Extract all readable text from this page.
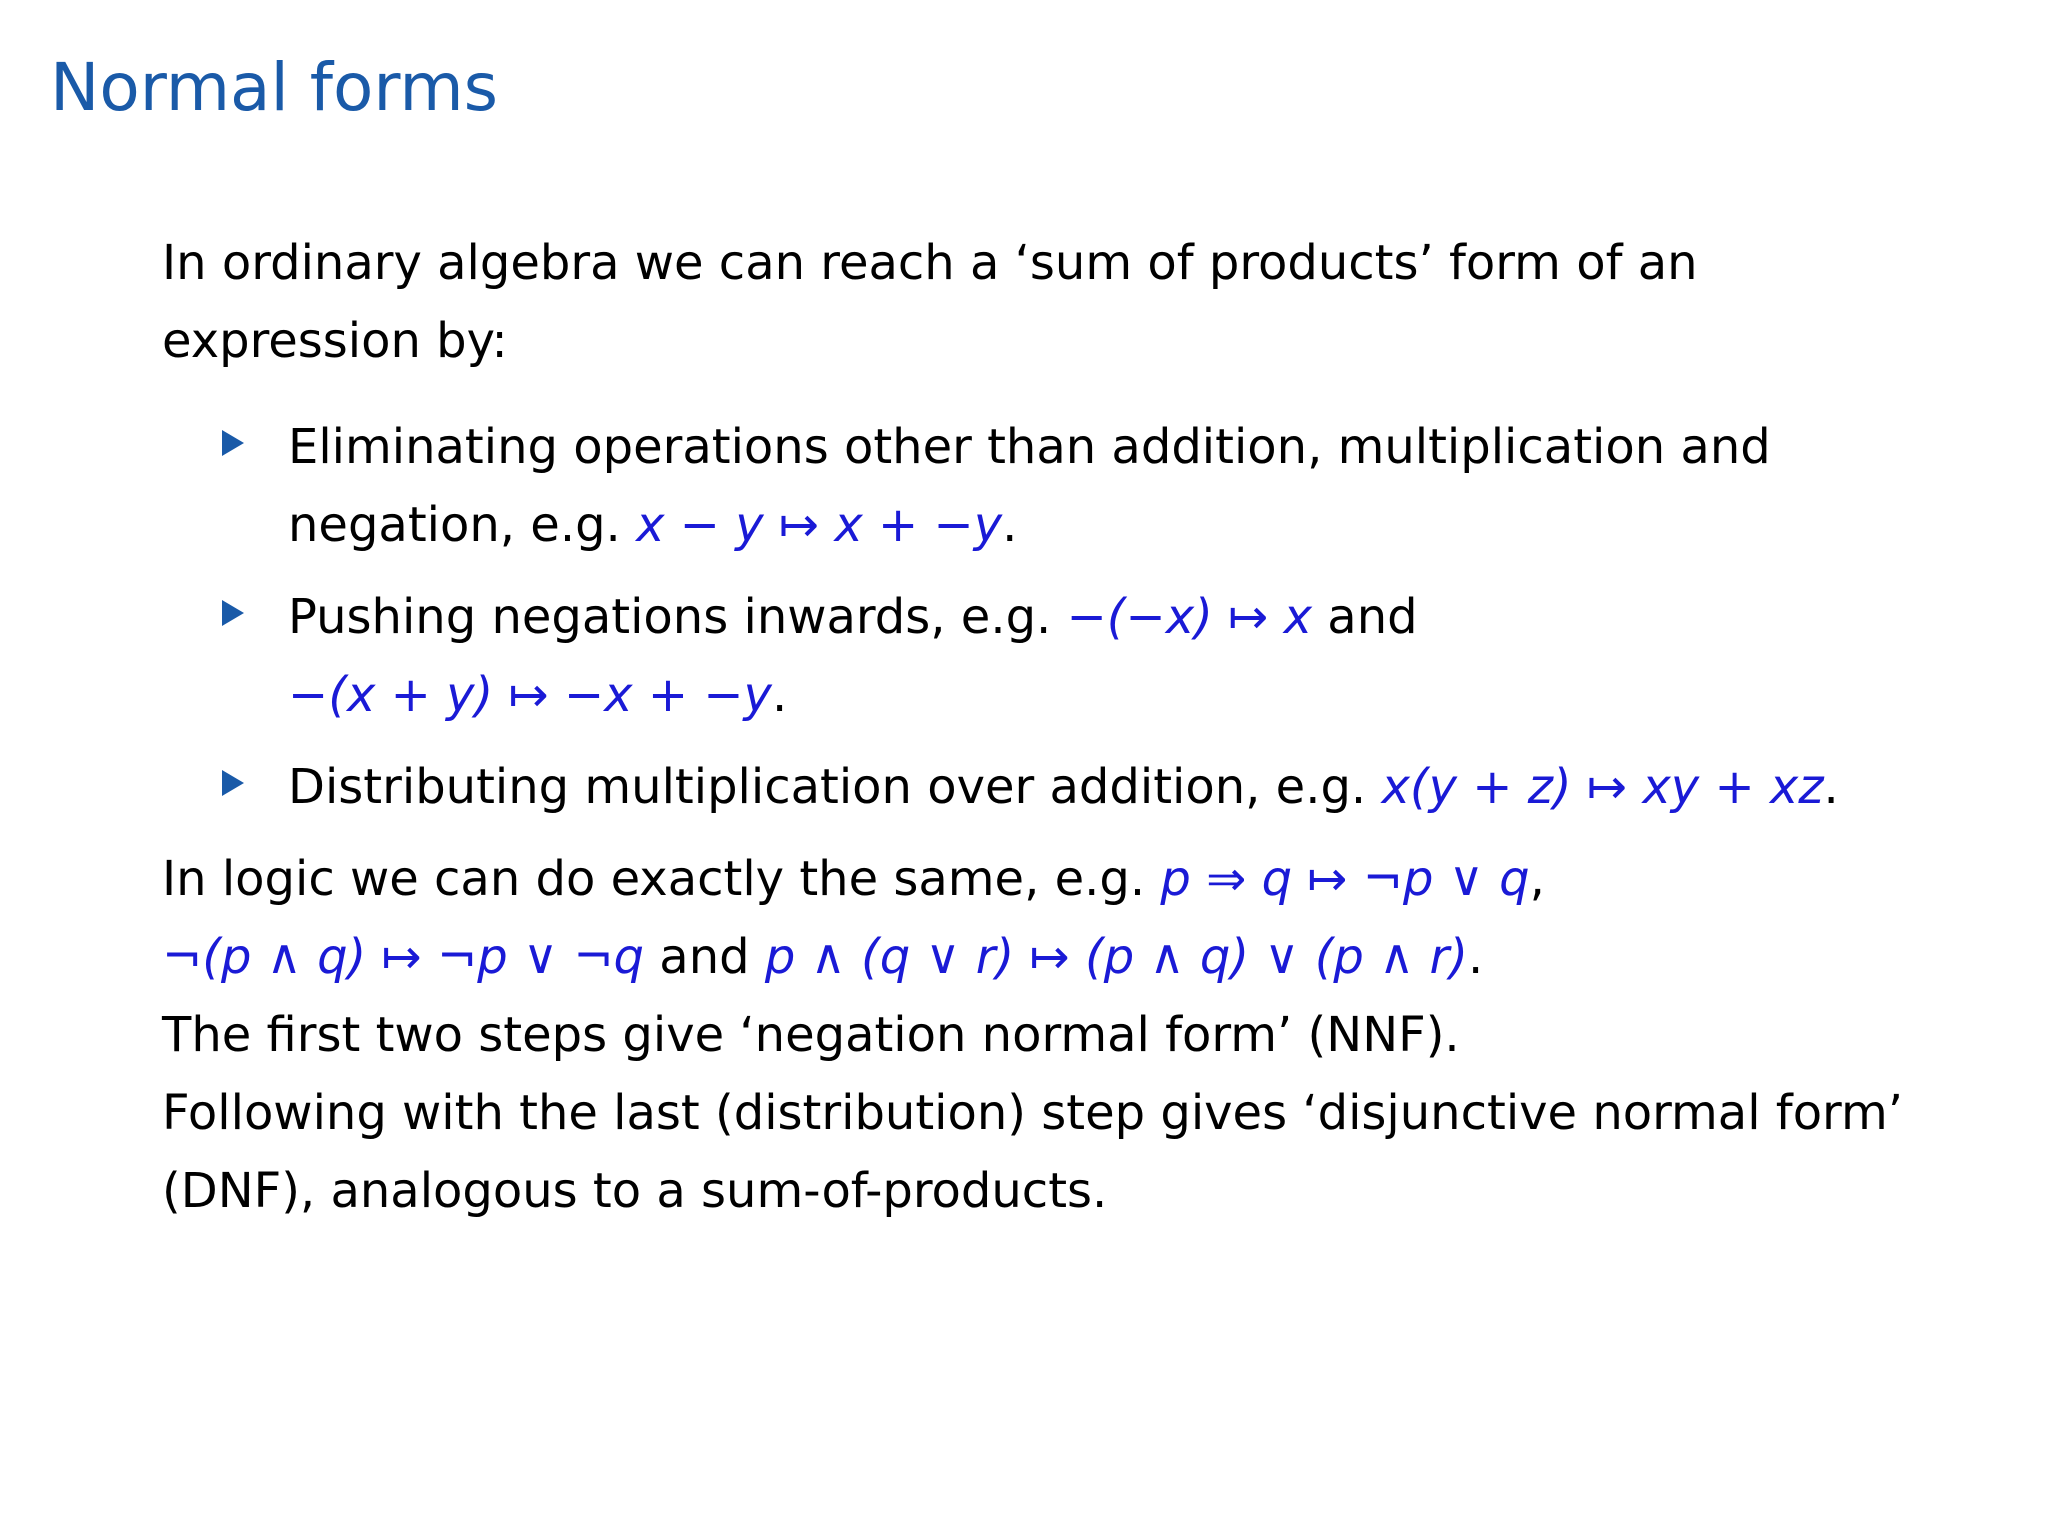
Normal forms

In ordinary algebra we can reach a ‘sum of products’ form of an expression by:

Eliminating operations other than addition, multiplication and negation, e.g. x − y ↦ x + −y.
Pushing negations inwards, e.g. −(−x) ↦ x and −(x + y) ↦ −x + −y.
Distributing multiplication over addition, e.g. x(y + z) ↦ xy + xz.

In logic we can do exactly the same, e.g. p ⇒ q ↦ ¬p ∨ q, ¬(p ∧ q) ↦ ¬p ∨ ¬q and p ∧ (q ∨ r) ↦ (p ∧ q) ∨ (p ∧ r).

The first two steps give ‘negation normal form’ (NNF).

Following with the last (distribution) step gives ‘disjunctive normal form’ (DNF), analogous to a sum-of-products.
